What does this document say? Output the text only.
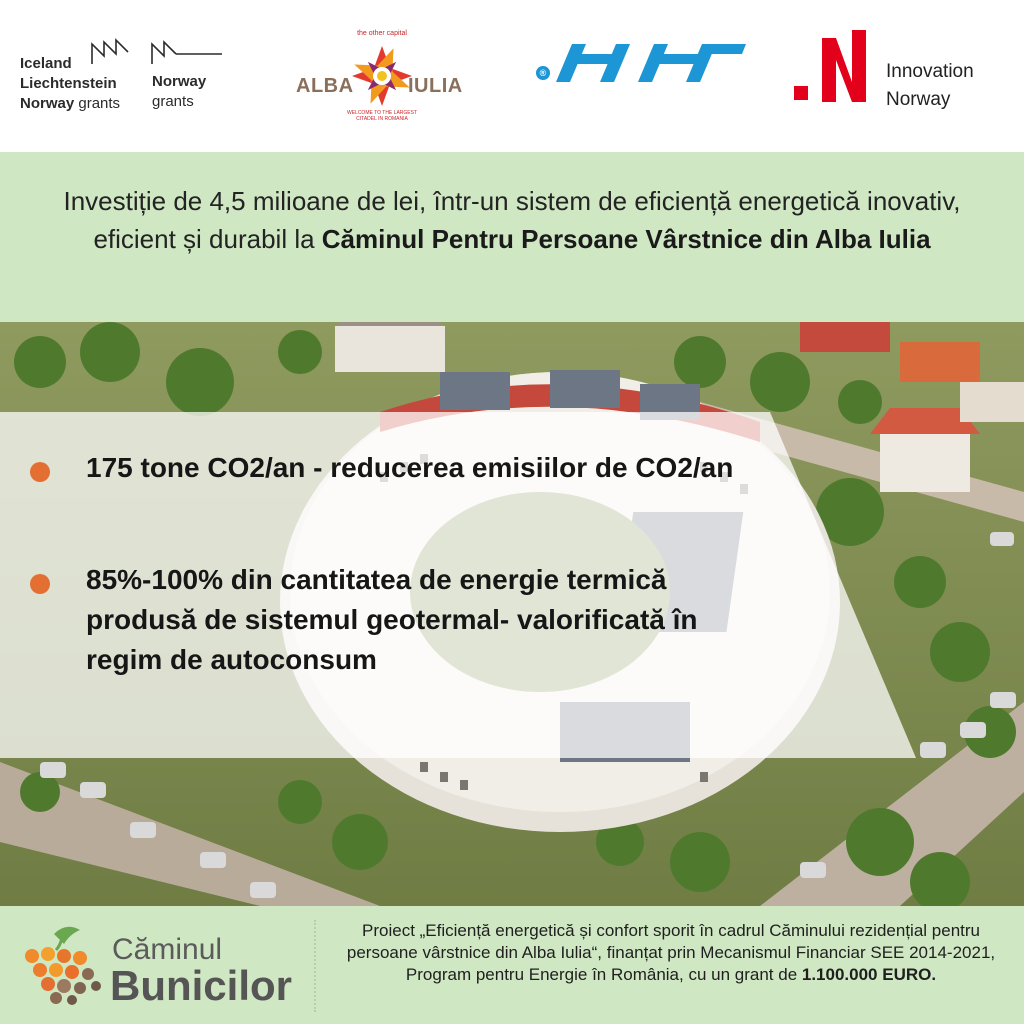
Iceland
Liechtenstein
Norway grants
Norway
grants
the other capital
ALBA	IULIA
WELCOME TO THE LARGEST CITADEL IN ROMANIA
®	Innovation
Norway
Investiție de 4,5 milioane de lei, într-un sistem de eficiență energetică inovativ, eficient și durabil la Căminul Pentru Persoane Vârstnice din Alba Iulia
175 tone CO2/an - reducerea emisiilor de CO2/an
85%-100% din cantitatea de energie termică produsă de sistemul geotermal- valorificată în regim de autoconsum
Căminul
Bunicilor
Proiect „Eficiență energetică și confort sporit în cadrul Căminului rezidențial pentru persoane vârstnice din Alba Iulia“, finanțat prin Mecanismul Financiar SEE 2014-2021, Program pentru Energie în România, cu un grant de 1.100.000 EURO.
